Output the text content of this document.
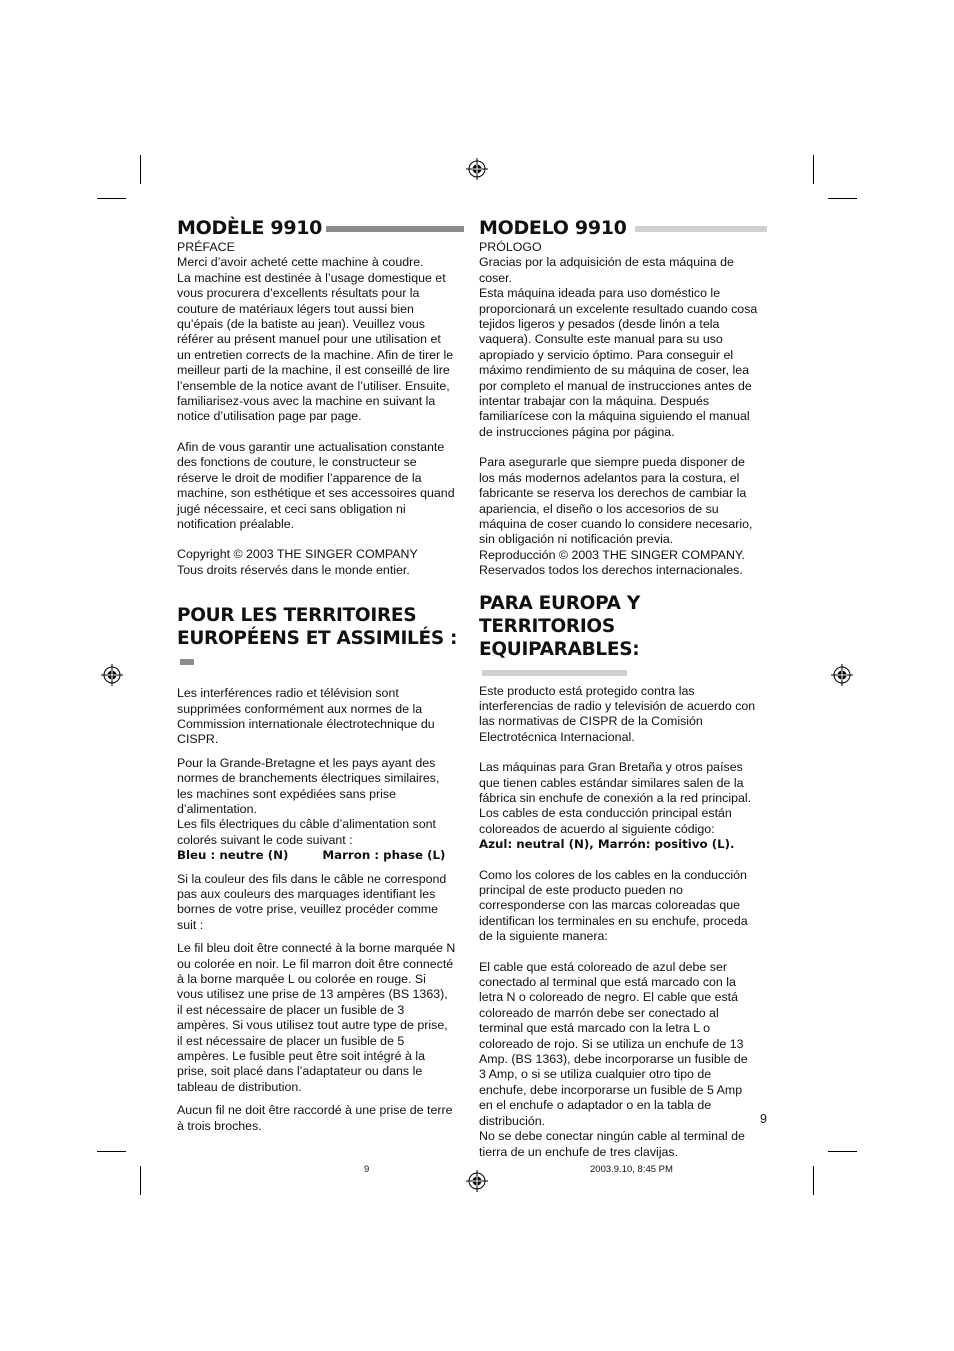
MODÈLE 9910

PRÉFACE

Merci d’avoir acheté cette machine à coudre.
La machine est destinée à l’usage domestique et
vous procurera d’excellents résultats pour la
couture de matériaux légers tout aussi bien
qu’épais (de la batiste au jean). Veuillez vous
référer au présent manuel pour une utilisation et
un entretien corrects de la machine. Afin de tirer le
meilleur parti de la machine, il est conseillé de lire
l’ensemble de la notice avant de l’utiliser. Ensuite,
familiarisez-vous avec la machine en suivant la
notice d’utilisation page par page.

Afin de vous garantir une actualisation constante
des fonctions de couture, le constructeur se
réserve le droit de modifier l’apparence de la
machine, son esthétique et ses accessoires quand
jugé nécessaire, et ceci sans obligation ni
notification préalable.

Copyright © 2003 THE SINGER COMPANY
Tous droits réservés dans le monde entier.

POUR LES TERRITOIRES
EUROPÉENS ET ASSIMILÉS :

Les interférences radio et télévision sont
supprimées conformément aux normes de la
Commission internationale électrotechnique du
CISPR.

Pour la Grande-Bretagne et les pays ayant des
normes de branchements électriques similaires,
les machines sont expédiées sans prise
d’alimentation.
Les fils électriques du câble d’alimentation sont
colorés suivant le code suivant :

Bleu : neutre (N)	Marron : phase (L)

Si la couleur des fils dans le câble ne correspond
pas aux couleurs des marquages identifiant les
bornes de votre prise, veuillez procéder comme
suit :

Le fil bleu doit être connecté à la borne marquée N
ou colorée en noir. Le fil marron doit être connecté
à la borne marquée L ou colorée en rouge. Si
vous utilisez une prise de 13 ampères (BS 1363),
il est nécessaire de placer un fusible de 3
ampères. Si vous utilisez tout autre type de prise,
il est nécessaire de placer un fusible de 5
ampères. Le fusible peut être soit intégré à la
prise, soit placé dans l’adaptateur ou dans le
tableau de distribution.

Aucun fil ne doit être raccordé à une prise de terre
à trois broches.

MODELO 9910

PRÓLOGO

Gracias por la adquisición de esta máquina de
coser.
Esta máquina ideada para uso doméstico le
proporcionará un excelente resultado cuando cosa
tejidos ligeros y pesados (desde linón a tela
vaquera). Consulte este manual para su uso
apropiado y servicio óptimo. Para conseguir el
máximo rendimiento de su máquina de coser, lea
por completo el manual de instrucciones antes de
intentar trabajar con la máquina. Después
familiarícese con la máquina siguiendo el manual
de instrucciones página por página.

Para asegurarle que siempre pueda disponer de
los más modernos adelantos para la costura, el
fabricante se reserva los derechos de cambiar la
apariencia, el diseño o los accesorios de su
máquina de coser cuando lo considere necesario,
sin obligación ni notificación previa.
Reproducción © 2003 THE SINGER COMPANY.
Reservados todos los derechos internacionales.

PARA EUROPA Y TERRITORIOS
EQUIPARABLES:

Este producto está protegido contra las
interferencias de radio y televisión de acuerdo con
las normativas de CISPR de la Comisión
Electrotécnica Internacional.

Las máquinas para Gran Bretaña y otros países
que tienen cables estándar similares salen de la
fábrica sin enchufe de conexión a la red principal.
Los cables de esta conducción principal están
coloreados de acuerdo al siguiente código:

Azul: neutral (N), Marrón: positivo (L).

Como los colores de los cables en la conducción
principal de este producto pueden no
corresponderse con las marcas coloreadas que
identifican los terminales en su enchufe, proceda
de la siguiente manera:

El cable que está coloreado de azul debe ser
conectado al terminal que está marcado con la
letra N o coloreado de negro. El cable que está
coloreado de marrón debe ser conectado al
terminal que está marcado con la letra L o
coloreado de rojo. Si se utiliza un enchufe de 13
Amp. (BS 1363), debe incorporarse un fusible de
3 Amp, o si se utiliza cualquier otro tipo de
enchufe, debe incorporarse un fusible de 5 Amp
en el enchufe o adaptador o en la tabla de
distribución.
No se debe conectar ningún cable al terminal de
tierra de un enchufe de tres clavijas.

9
9	2003.9.10, 8:45 PM
